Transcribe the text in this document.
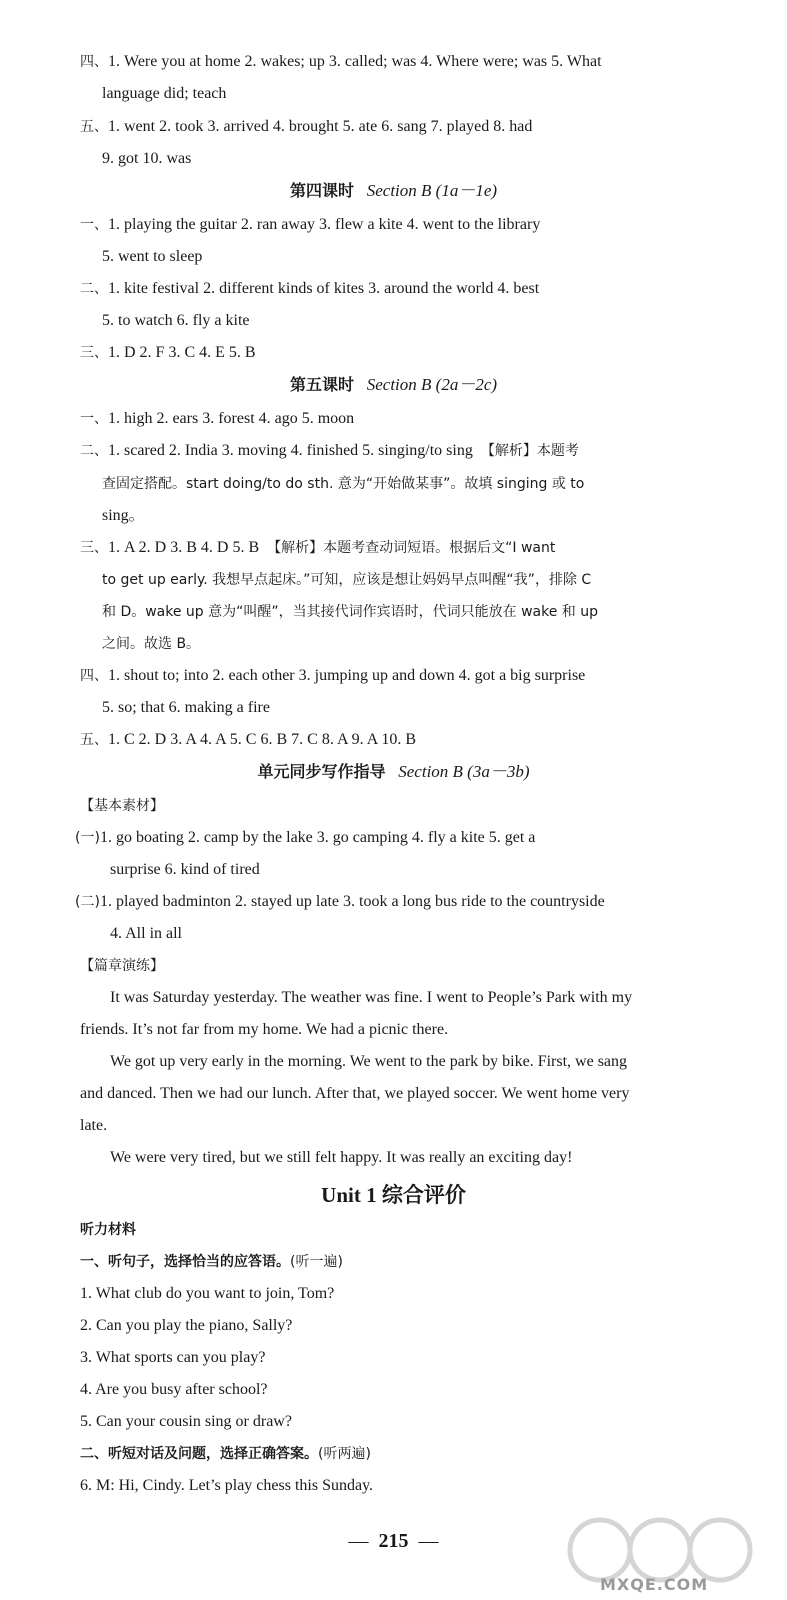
四、1. Were you at home 2. wakes; up 3. called; was 4. Where were; was 5. What
language did; teach
五、1. went 2. took 3. arrived 4. brought 5. ate 6. sang 7. played 8. had
9. got 10. was
第四课时 Section B (1a－1e)
一、1. playing the guitar 2. ran away 3. flew a kite 4. went to the library
5. went to sleep
二、1. kite festival 2. different kinds of kites 3. around the world 4. best
5. to watch 6. fly a kite
三、1. D 2. F 3. C 4. E 5. B
第五课时 Section B (2a－2c)
一、1. high 2. ears 3. forest 4. ago 5. moon
二、1. scared 2. India 3. moving 4. finished 5. singing/to sing 【解析】本题考
查固定搭配。start doing/to do sth. 意为“开始做某事”。故填 singing 或 to
sing。
三、1. A 2. D 3. B 4. D 5. B 【解析】本题考查动词短语。根据后文“I want
to get up early. 我想早点起床。”可知，应该是想让妈妈早点叫醒“我”，排除 C
和 D。wake up 意为“叫醒”，当其接代词作宾语时，代词只能放在 wake 和 up
之间。故选 B。
四、1. shout to; into 2. each other 3. jumping up and down 4. got a big surprise
5. so; that 6. making a fire
五、1. C 2. D 3. A 4. A 5. C 6. B 7. C 8. A 9. A 10. B
单元同步写作指导 Section B (3a－3b)
【基本素材】
(一)1. go boating 2. camp by the lake 3. go camping 4. fly a kite 5. get a
surprise 6. kind of tired
(二)1. played badminton 2. stayed up late 3. took a long bus ride to the countryside
4. All in all
【篇章演练】
It was Saturday yesterday. The weather was fine. I went to People’s Park with my
friends. It’s not far from my home. We had a picnic there.
We got up very early in the morning. We went to the park by bike. First, we sang
and danced. Then we had our lunch. After that, we played soccer. We went home very
late.
We were very tired, but we still felt happy. It was really an exciting day!
Unit 1 综合评价
听力材料
一、听句子，选择恰当的应答语。(听一遍)
1. What club do you want to join, Tom?
2. Can you play the piano, Sally?
3. What sports can you play?
4. Are you busy after school?
5. Can your cousin sing or draw?
二、听短对话及问题，选择正确答案。(听两遍)
6. M: Hi, Cindy. Let’s play chess this Sunday.
— 215 —
MXQE.COM
